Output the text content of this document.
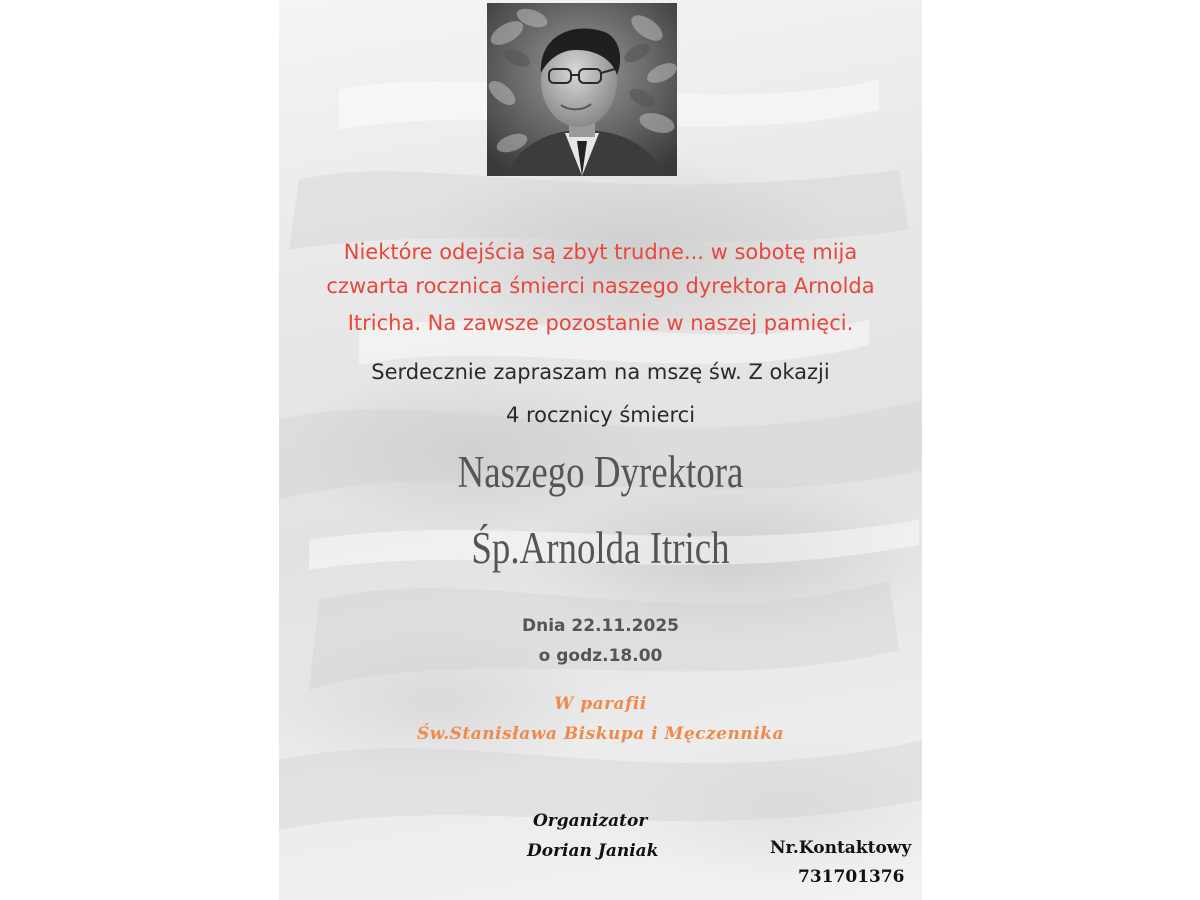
Niektóre odejścia są zbyt trudne... w sobotę mija

czwarta rocznica śmierci naszego dyrektora Arnolda

Itricha. Na zawsze pozostanie w naszej pamięci.

Serdecznie zapraszam na mszę św. Z okazji

4 rocznicy śmierci

Naszego Dyrektora

Śp.Arnolda Itrich

Dnia 22.11.2025

o godz.18.00

W parafii

Św.Stanisława Biskupa i Męczennika

Organizator

Dorian Janiak	Nr.Kontaktowy

731701376
